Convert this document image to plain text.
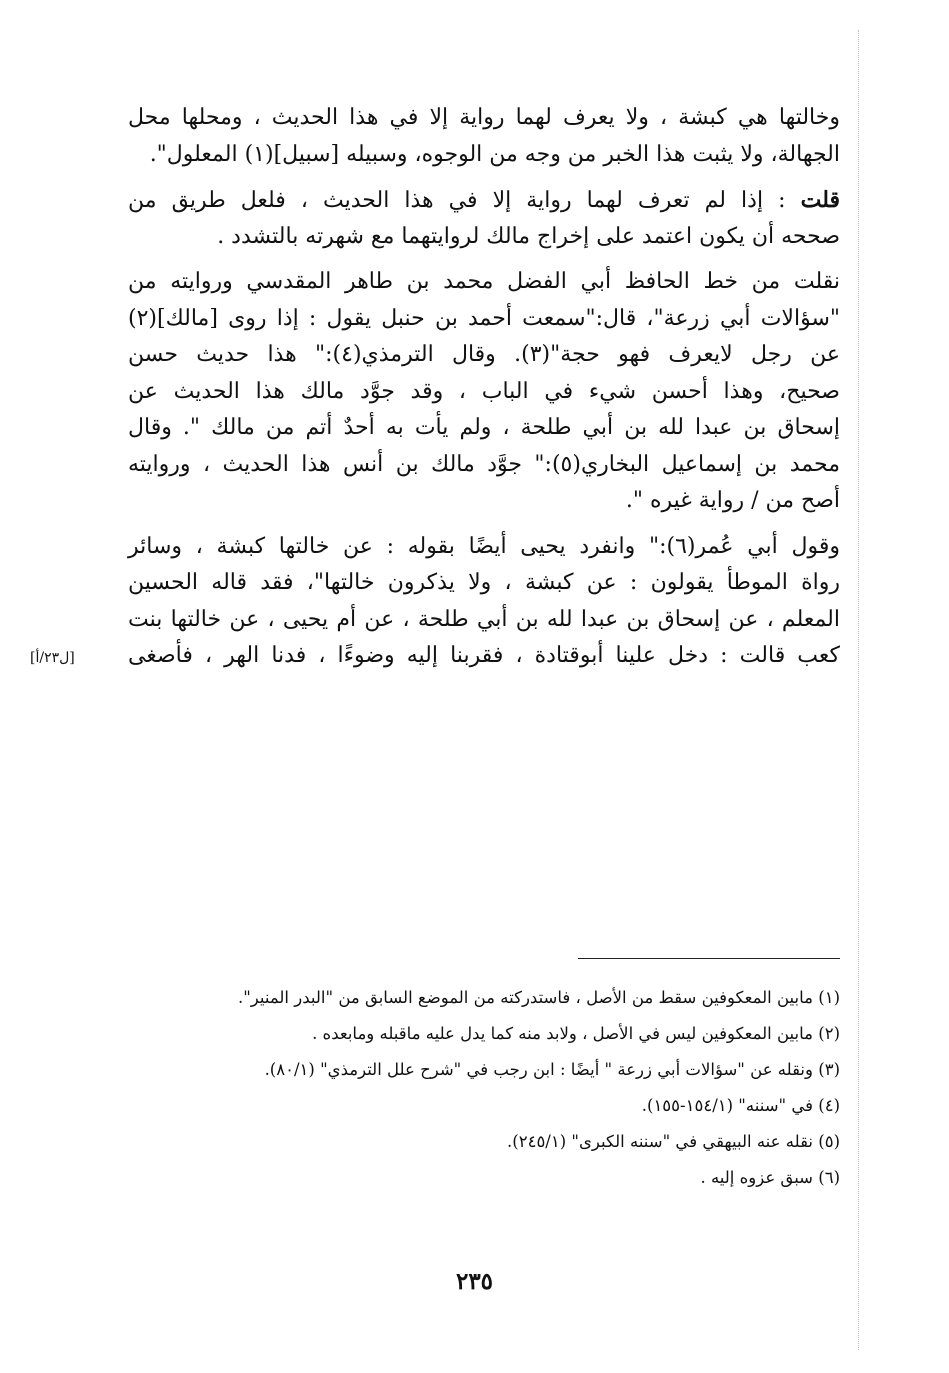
وخالتها هي كبشة ، ولا يعرف لهما رواية إلا في هذا الحديث ، ومحلها محل
الجهالة، ولا يثبت هذا الخبر من وجه من الوجوه، وسبيله [سبيل](١) المعلول".

قلت : إذا لم تعرف لهما رواية إلا في هذا الحديث ، فلعل طريق من
صححه أن يكون اعتمد على إخراج مالك لروايتهما مع شهرته بالتشدد .

نقلت من خط الحافظ أبي الفضل محمد بن طاهر المقدسي وروايته من
"سؤالات أبي زرعة"، قال:"سمعت أحمد بن حنبل يقول : إذا روى [مالك](٢)
عن رجل لايعرف فهو حجة"(٣). وقال الترمذي(٤):" هذا حديث حسن
صحيح، وهذا أحسن شيء في الباب ، وقد جوَّد مالك هذا الحديث عن
إسحاق بن عبدا لله بن أبي طلحة ، ولم يأت به أحدٌ أتم من مالك ". وقال
محمد بن إسماعيل البخاري(٥):" جوَّد مالك بن أنس هذا الحديث ، وروايته
أصح من / رواية غيره ".

وقول أبي عُمر(٦):" وانفرد يحيى أيضًا بقوله : عن خالتها كبشة ، وسائر
رواة الموطأ يقولون : عن كبشة ، ولا يذكرون خالتها"، فقد قاله الحسين
المعلم ، عن إسحاق بن عبدا لله بن أبي طلحة ، عن أم يحيى ، عن خالتها بنت
كعب قالت : دخل علينا أبوقتادة ، فقربنا إليه وضوءًا ، فدنا الهر ، فأصغى

[ل٢٣/أ]
(١) مابين المعكوفين سقط من الأصل ، فاستدركته من الموضع السابق من "البدر المنير".
(٢) مابين المعكوفين ليس في الأصل ، ولابد منه كما يدل عليه ماقبله ومابعده .
(٣) ونقله عن "سؤالات أبي زرعة " أيضًا : ابن رجب في "شرح علل الترمذي" (٨٠/١).
(٤) في "سننه" (١٥٤/١-١٥٥).
(٥) نقله عنه البيهقي في "سننه الكبرى" (٢٤٥/١).
(٦) سبق عزوه إليه .
٢٣٥
